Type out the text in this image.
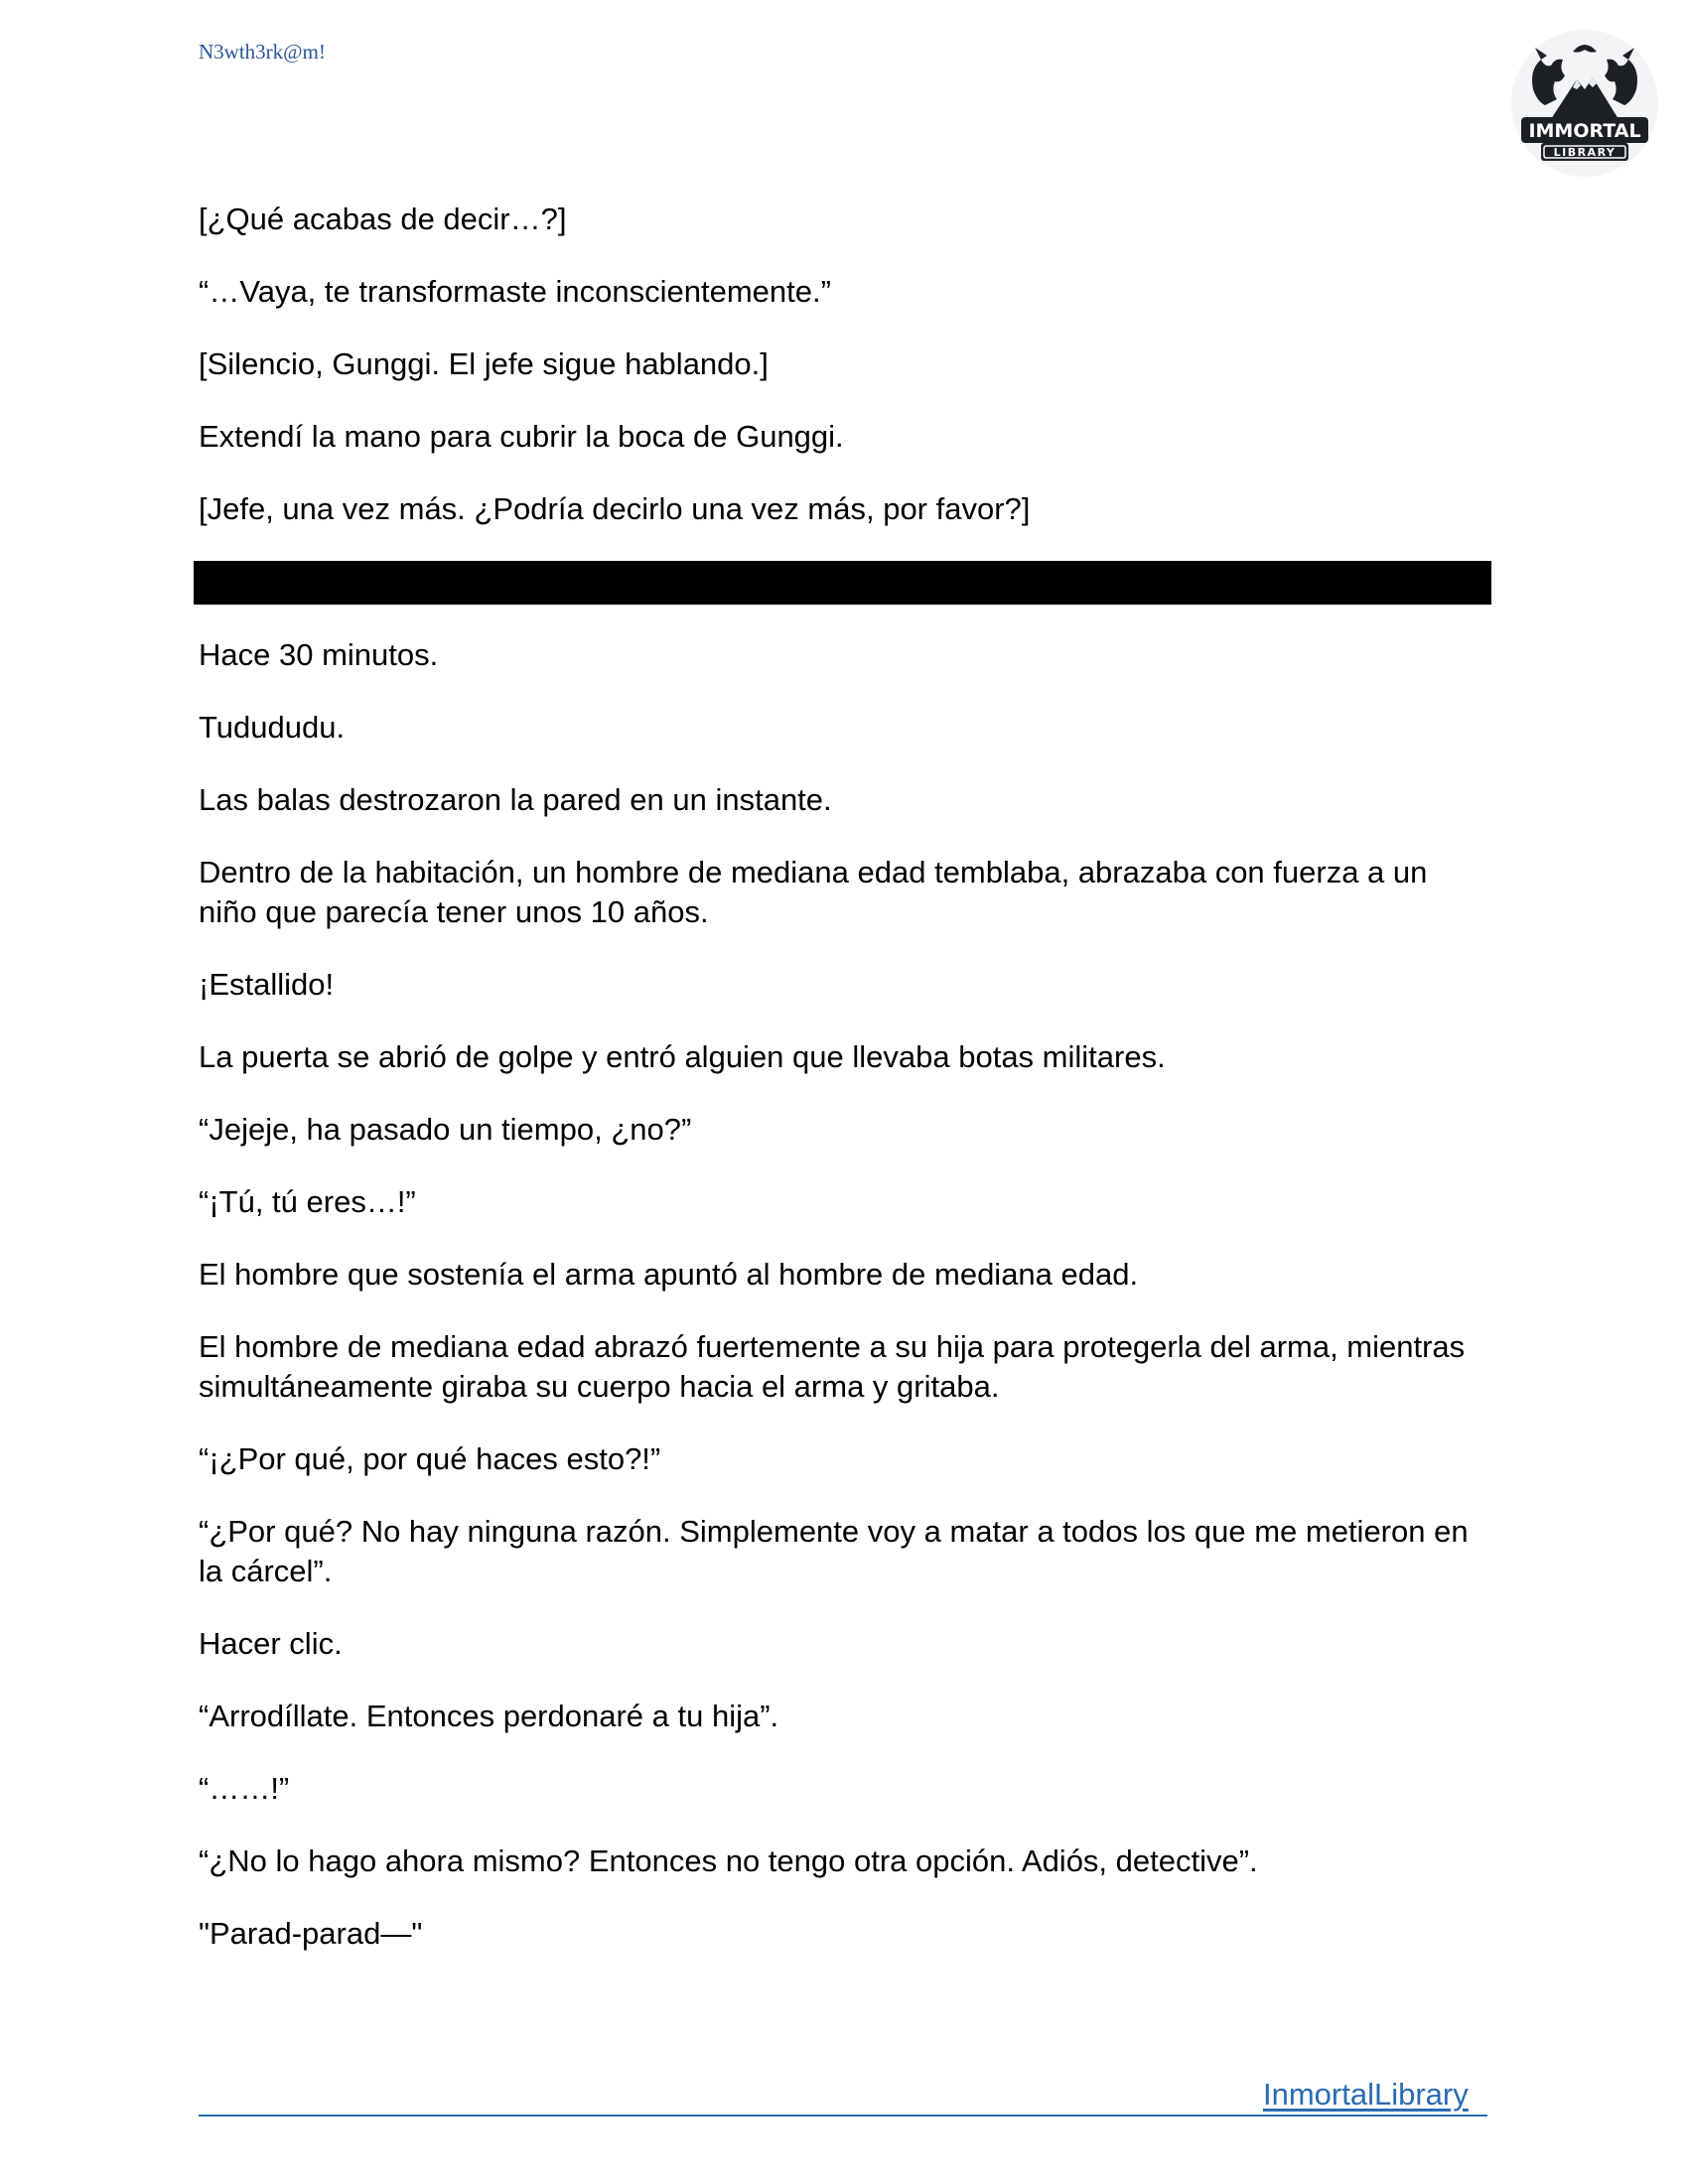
N3wth3rk@m!
IMMORTAL
LIBRARY

[¿Qué acabas de decir…?]

“…Vaya, te transformaste inconscientemente.”

[Silencio, Gunggi. El jefe sigue hablando.]

Extendí la mano para cubrir la boca de Gunggi.

[Jefe, una vez más. ¿Podría decirlo una vez más, por favor?]

Hace 30 minutos.

Tudududu.

Las balas destrozaron la pared en un instante.

Dentro de la habitación, un hombre de mediana edad temblaba, abrazaba con fuerza a un niño que parecía tener unos 10 años.

¡Estallido!

La puerta se abrió de golpe y entró alguien que llevaba botas militares.

“Jejeje, ha pasado un tiempo, ¿no?”

“¡Tú, tú eres…!”

El hombre que sostenía el arma apuntó al hombre de mediana edad.

El hombre de mediana edad abrazó fuertemente a su hija para protegerla del arma, mientras simultáneamente giraba su cuerpo hacia el arma y gritaba.

“¡¿Por qué, por qué haces esto?!”

“¿Por qué? No hay ninguna razón. Simplemente voy a matar a todos los que me metieron en la cárcel”.

Hacer clic.

“Arrodíllate. Entonces perdonaré a tu hija”.

“……!”

“¿No lo hago ahora mismo? Entonces no tengo otra opción. Adiós, detective”.

"Parad-parad—"

InmortalLibrary
